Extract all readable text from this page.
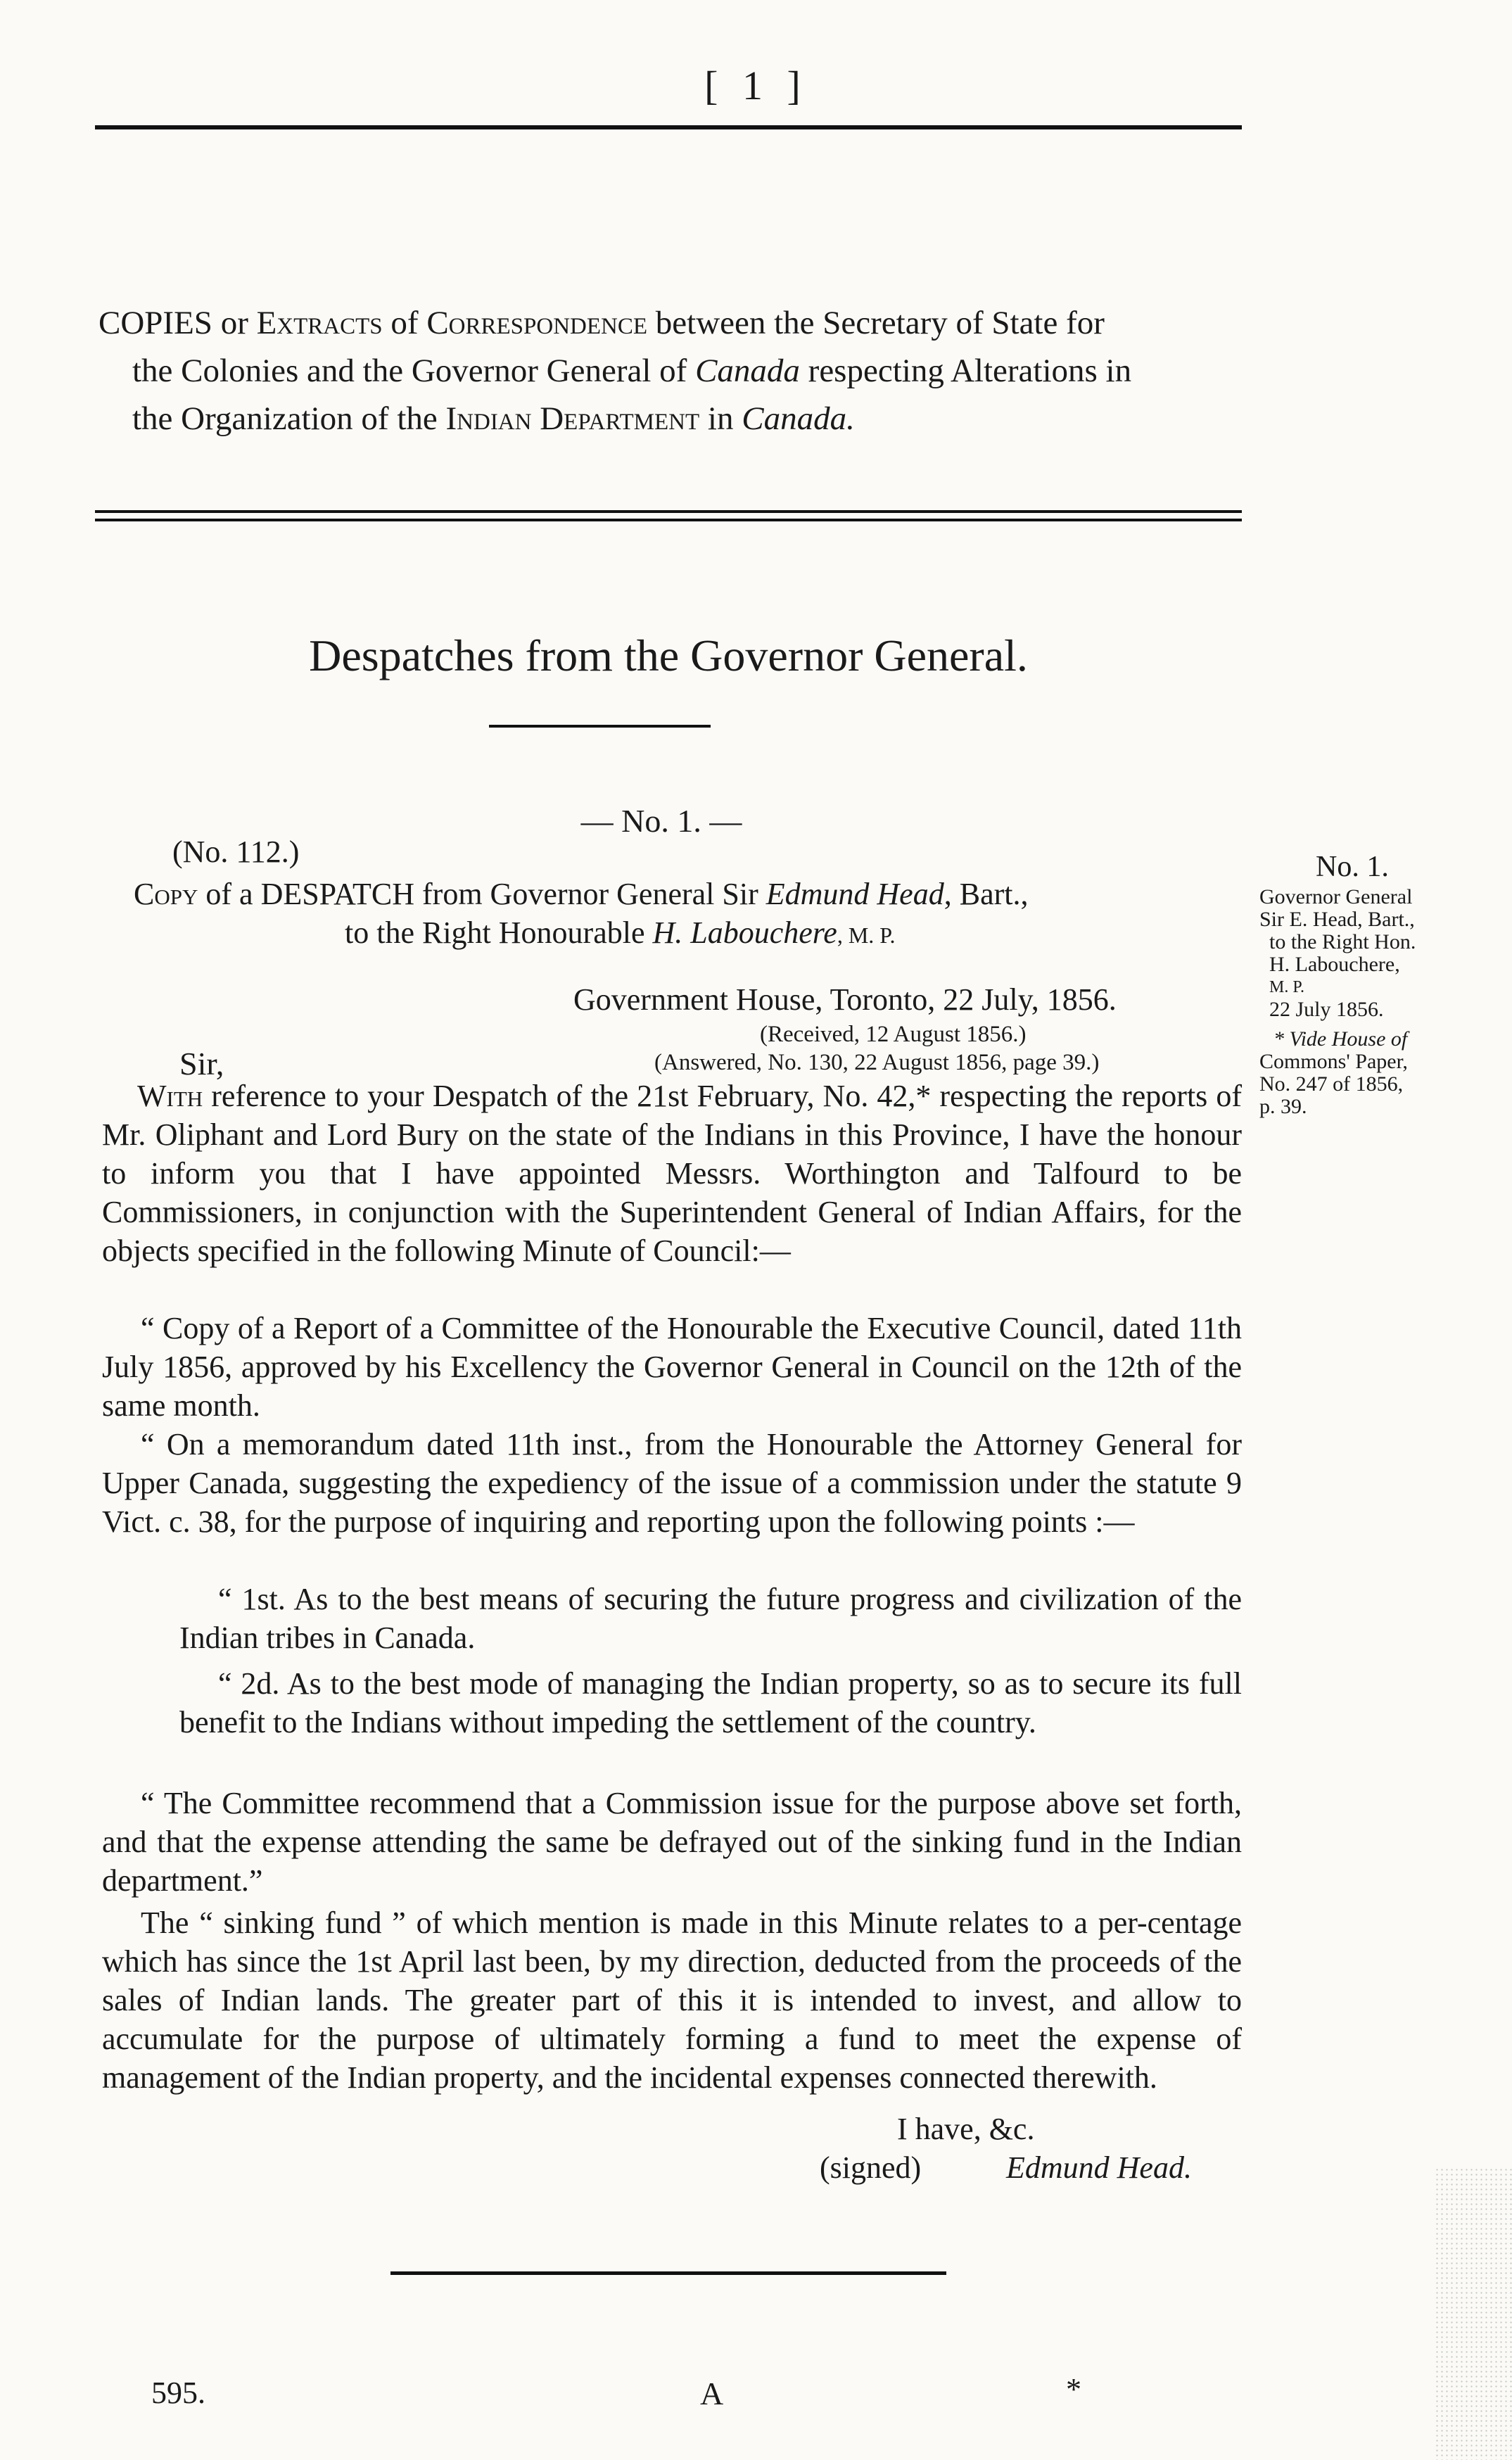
[ 1 ]
COPIES or Extracts of Correspondence between the Secretary of State for
the Colonies and the Governor General of Canada respecting Alterations in
the Organization of the Indian Department in Canada.
Despatches from the Governor General.
— No. 1. —
(No. 112.)
Copy of a DESPATCH from Governor General Sir Edmund Head, Bart.,
to the Right Honourable H. Labouchere, M. P.
Government House, Toronto, 22 July, 1856.
(Received, 12 August 1856.)
Sir,	(Answered, No. 130, 22 August 1856, page 39.)
No. 1.
Governor General
Sir E. Head, Bart.,
to the Right Hon.
H. Labouchere,
M. P.
22 July 1856.
* Vide House of
Commons' Paper,
No. 247 of 1856,
p. 39.
With reference to your Despatch of the 21st February, No. 42,* respecting the reports of Mr. Oliphant and Lord Bury on the state of the Indians in this Province, I have the honour to inform you that I have appointed Messrs. Worthington and Talfourd to be Commissioners, in conjunction with the Superintendent General of Indian Affairs, for the objects specified in the following Minute of Council:—
“ Copy of a Report of a Committee of the Honourable the Executive Council, dated 11th July 1856, approved by his Excellency the Governor General in Council on the 12th of the same month.
“ On a memorandum dated 11th inst., from the Honourable the Attorney General for Upper Canada, suggesting the expediency of the issue of a commission under the statute 9 Vict. c. 38, for the purpose of inquiring and reporting upon the following points :—
“ 1st. As to the best means of securing the future progress and civilization of the Indian tribes in Canada.
“ 2d. As to the best mode of managing the Indian property, so as to secure its full benefit to the Indians without impeding the settlement of the country.
“ The Committee recommend that a Commission issue for the purpose above set forth, and that the expense attending the same be defrayed out of the sinking fund in the Indian department.”
The “ sinking fund ” of which mention is made in this Minute relates to a per-centage which has since the 1st April last been, by my direction, deducted from the proceeds of the sales of Indian lands. The greater part of this it is intended to invest, and allow to accumulate for the purpose of ultimately forming a fund to meet the expense of management of the Indian property, and the incidental expenses connected therewith.
I have, &c.
(signed)	Edmund Head.
595.	A	*
